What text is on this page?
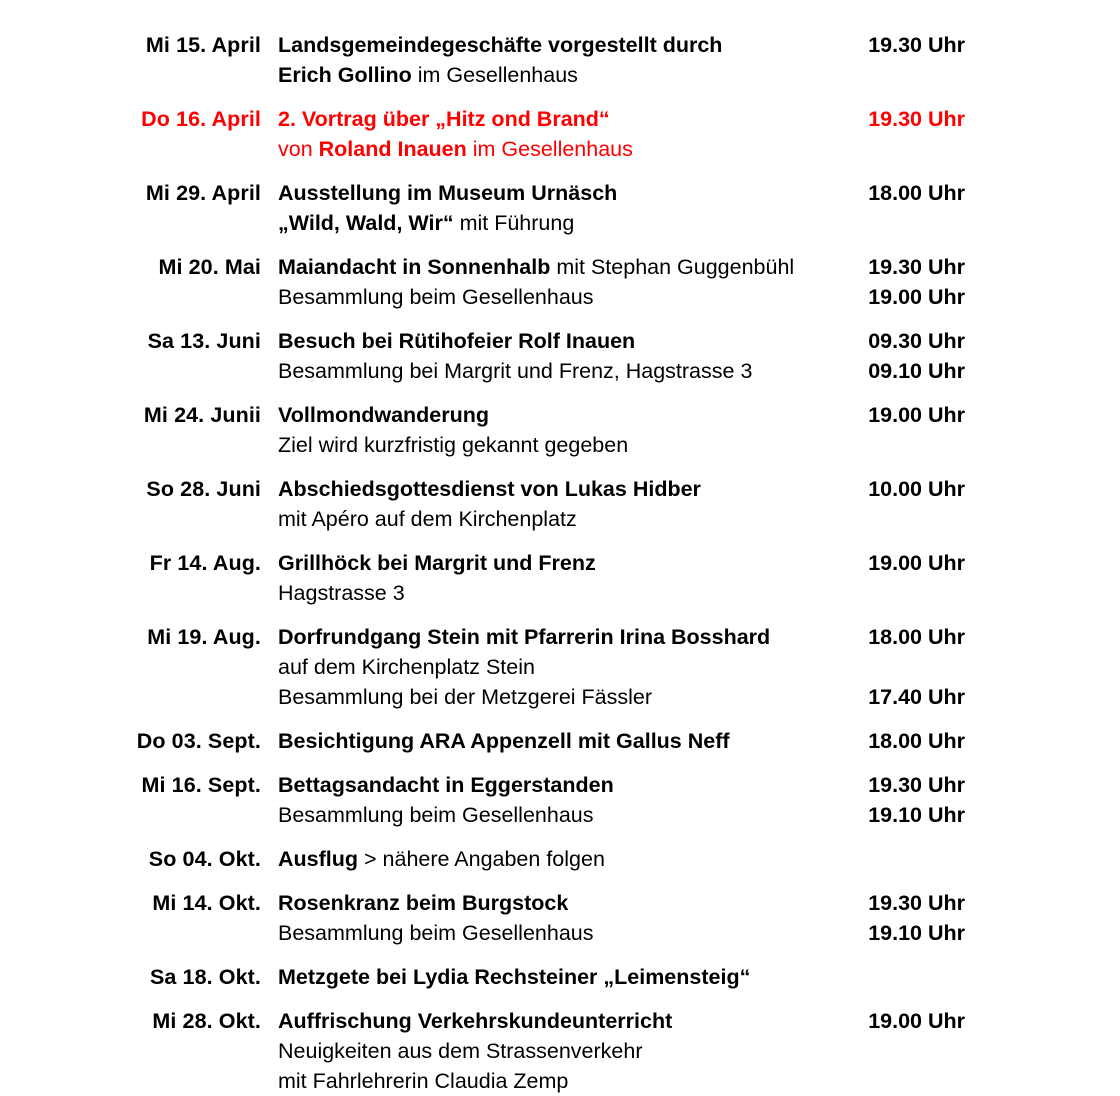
Mi 15. April Landsgemeindegeschäfte vorgestellt durch
Erich Gollino im Gesellenhaus
19.30 Uhr
Do 16. April 2. Vortrag über „Hitz ond Brand“
von Roland Inauen im Gesellenhaus
19.30 Uhr
Mi 29. April Ausstellung im Museum Urnäsch
„Wild, Wald, Wir“ mit Führung
18.00 Uhr
Mi 20. Mai Maiandacht in Sonnenhalb mit Stephan Guggenbühl
Besammlung beim Gesellenhaus
19.30 Uhr
19.00 Uhr
Sa 13. Juni Besuch bei Rütihofeier Rolf Inauen
Besammlung bei Margrit und Frenz, Hagstrasse 3
09.30 Uhr
09.10 Uhr
Mi 24. Junii Vollmondwanderung
Ziel wird kurzfristig gekannt gegeben
19.00 Uhr
So 28. Juni Abschiedsgottesdienst von Lukas Hidber
mit Apéro auf dem Kirchenplatz
10.00 Uhr
Fr 14. Aug. Grillhöck bei Margrit und Frenz
Hagstrasse 3
19.00 Uhr
Mi 19. Aug. Dorfrundgang Stein mit Pfarrerin Irina Bosshard
auf dem Kirchenplatz Stein
Besammlung bei der Metzgerei Fässler
18.00 Uhr
17.40 Uhr
Do 03. Sept. Besichtigung ARA Appenzell mit Gallus Neff	18.00 Uhr
Mi 16. Sept. Bettagsandacht in Eggerstanden
Besammlung beim Gesellenhaus
19.30 Uhr
19.10 Uhr
So 04. Okt. Ausflug > nähere Angaben folgen
Mi 14. Okt. Rosenkranz beim Burgstock
Besammlung beim Gesellenhaus
19.30 Uhr
19.10 Uhr
Sa 18. Okt. Metzgete bei Lydia Rechsteiner „Leimensteig“
Mi 28. Okt. Auffrischung Verkehrskundeunterricht
Neuigkeiten aus dem Strassenverkehr
mit Fahrlehrerin Claudia Zemp
19.00 Uhr
